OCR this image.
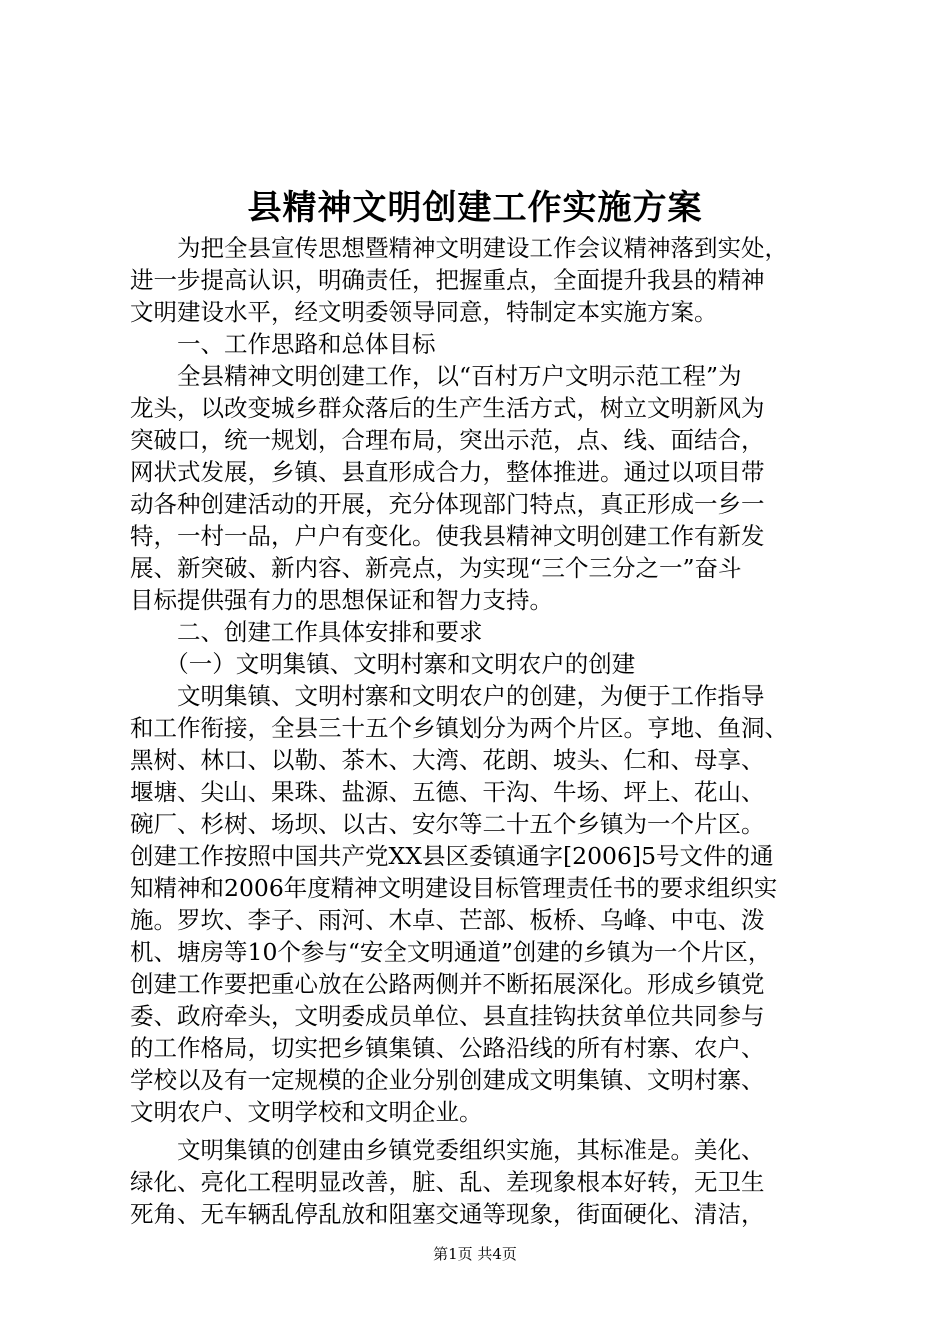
县精神文明创建工作实施方案
　　为把全县宣传思想暨精神文明建设工作会议精神落到实处，
进一步提高认识，明确责任，把握重点，全面提升我县的精神
文明建设水平，经文明委领导同意，特制定本实施方案。
　　一、工作思路和总体目标
　　全县精神文明创建工作，以“百村万户文明示范工程”为
龙头，以改变城乡群众落后的生产生活方式，树立文明新风为
突破口，统一规划，合理布局，突出示范，点、线、面结合，
网状式发展，乡镇、县直形成合力，整体推进。通过以项目带
动各种创建活动的开展，充分体现部门特点，真正形成一乡一
特，一村一品，户户有变化。使我县精神文明创建工作有新发
展、新突破、新内容、新亮点，为实现“三个三分之一”奋斗
目标提供强有力的思想保证和智力支持。
　　二、创建工作具体安排和要求
　　（一）文明集镇、文明村寨和文明农户的创建
　　文明集镇、文明村寨和文明农户的创建，为便于工作指导
和工作衔接，全县三十五个乡镇划分为两个片区。亨地、鱼洞、
黑树、林口、以勒、茶木、大湾、花朗、坡头、仁和、母享、
堰塘、尖山、果珠、盐源、五德、干沟、牛场、坪上、花山、
碗厂、杉树、场坝、以古、安尔等二十五个乡镇为一个片区。
创建工作按照中国共产党XX县区委镇通字[2006]5号文件的通
知精神和2006年度精神文明建设目标管理责任书的要求组织实
施。罗坎、李子、雨河、木卓、芒部、板桥、乌峰、中屯、泼
机、塘房等10个参与“安全文明通道”创建的乡镇为一个片区，
创建工作要把重心放在公路两侧并不断拓展深化。形成乡镇党
委、政府牵头，文明委成员单位、县直挂钩扶贫单位共同参与
的工作格局，切实把乡镇集镇、公路沿线的所有村寨、农户、
学校以及有一定规模的企业分别创建成文明集镇、文明村寨、
文明农户、文明学校和文明企业。
　　文明集镇的创建由乡镇党委组织实施，其标准是。美化、
绿化、亮化工程明显改善，脏、乱、差现象根本好转，无卫生
死角、无车辆乱停乱放和阻塞交通等现象，街面硬化、清洁，
第1页 共4页
